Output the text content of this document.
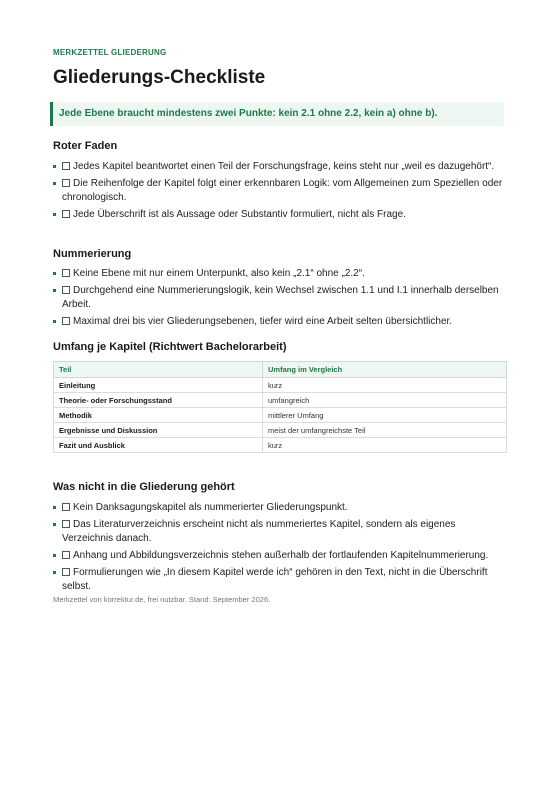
MERKZETTEL GLIEDERUNG
Gliederungs-Checkliste
Jede Ebene braucht mindestens zwei Punkte: kein 2.1 ohne 2.2, kein a) ohne b).
Roter Faden
Jedes Kapitel beantwortet einen Teil der Forschungsfrage, keins steht nur „weil es dazugehört“.
Die Reihenfolge der Kapitel folgt einer erkennbaren Logik: vom Allgemeinen zum Speziellen oder chronologisch.
Jede Überschrift ist als Aussage oder Substantiv formuliert, nicht als Frage.
Nummerierung
Keine Ebene mit nur einem Unterpunkt, also kein „2.1“ ohne „2.2“.
Durchgehend eine Nummerierungslogik, kein Wechsel zwischen 1.1 und I.1 innerhalb derselben Arbeit.
Maximal drei bis vier Gliederungsebenen, tiefer wird eine Arbeit selten übersichtlicher.
Umfang je Kapitel (Richtwert Bachelorarbeit)
Teil	Umfang im Vergleich
Einleitung	kurz
Theorie- oder Forschungsstand	umfangreich
Methodik	mittlerer Umfang
Ergebnisse und Diskussion	meist der umfangreichste Teil
Fazit und Ausblick	kurz
Was nicht in die Gliederung gehört
Kein Danksagungskapitel als nummerierter Gliederungspunkt.
Das Literaturverzeichnis erscheint nicht als nummeriertes Kapitel, sondern als eigenes Verzeichnis danach.
Anhang und Abbildungsverzeichnis stehen außerhalb der fortlaufenden Kapitelnummerierung.
Formulierungen wie „In diesem Kapitel werde ich“ gehören in den Text, nicht in die Überschrift selbst.
Merkzettel von korrektur.de, frei nutzbar. Stand: September 2026.
